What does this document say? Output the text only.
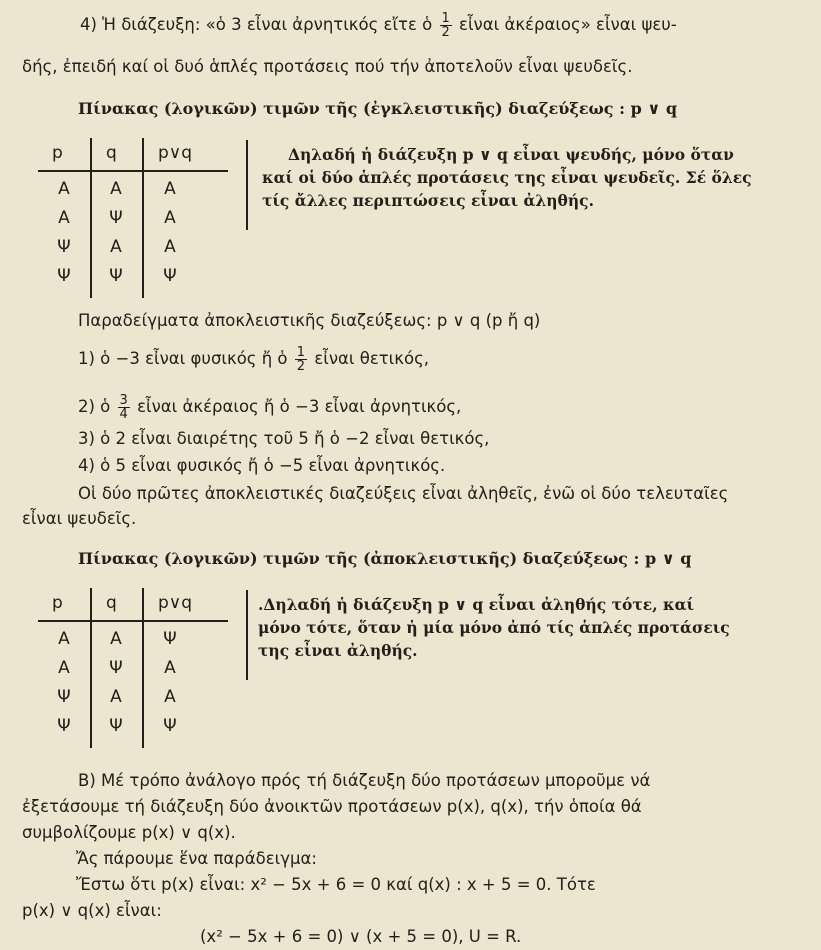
4) Ἡ διάζευξη: «ὁ 3 εἶναι ἀρνητικός εἴτε ὁ $\frac{1}{2}$ εἶναι ἀκέραιος» εἶναι ψευ-
δής, ἐπειδή καί οἱ δυό ἁπλές προτάσεις πού τήν ἀποτελοῦν εἶναι ψευδεῖς.
Πίνακας (λογικῶν) τιμῶν τῆς (ἐγκλειστικῆς) διαζεύξεως : p ∨ q
p	q p∨q
A	A	A
A	Ψ	A
Ψ	A	A
Ψ	Ψ	Ψ
Δηλαδή ἡ διάζευξη p ∨ q εἶναι ψευδής, μόνο ὅταν
καί οἱ δύο ἁπλές προτάσεις της εἶναι ψευδεῖς. Σέ ὅλες
τίς ἄλλες περιπτώσεις εἶναι ἀληθής.
Παραδείγματα ἀποκλειστικῆς διαζεύξεως: p ∨ q (p ἤ q)
1) ὁ −3 εἶναι φυσικός ἤ ὁ $\frac{1}{2}$ εἶναι θετικός,
2) ὁ $\frac{3}{4}$ εἶναι ἀκέραιος ἤ ὁ −3 εἶναι ἀρνητικός,
3) ὁ 2 εἶναι διαιρέτης τοῦ 5 ἤ ὁ −2 εἶναι θετικός,
4) ὁ 5 εἶναι φυσικός ἤ ὁ −5 εἶναι ἀρνητικός.
Οἱ δύο πρῶτες ἀποκλειστικές διαζεύξεις εἶναι ἀληθεῖς, ἐνῶ οἱ δύο τελευταῖες
εἶναι ψευδεῖς.
Πίνακας (λογικῶν) τιμῶν τῆς (ἀποκλειστικῆς) διαζεύξεως : p ∨ q
p	q p∨q
A	A	Ψ
A	Ψ	A
Ψ	A	A
Ψ	Ψ	Ψ
.Δηλαδή ἡ διάζευξη p ∨ q εἶναι ἀληθής τότε, καί
μόνο τότε, ὅταν ἡ μία μόνο ἀπό τίς ἁπλές προτάσεις
της εἶναι ἀληθής.
B) Μέ τρόπο ἀνάλογο πρός τή διάζευξη δύο προτάσεων μποροῦμε νά
ἐξετάσουμε τή διάζευξη δύο ἀνοικτῶν προτάσεων p(x), q(x), τήν ὁποία θά
συμβολίζουμε p(x) ∨ q(x).
Ἄς πάρουμε ἕνα παράδειγμα:
Ἔστω ὅτι p(x) εἶναι: x² − 5x + 6 = 0 καί q(x) : x + 5 = 0. Τότε
p(x) ∨ q(x) εἶναι:
(x² − 5x + 6 = 0) ∨ (x + 5 = 0), U = R.
